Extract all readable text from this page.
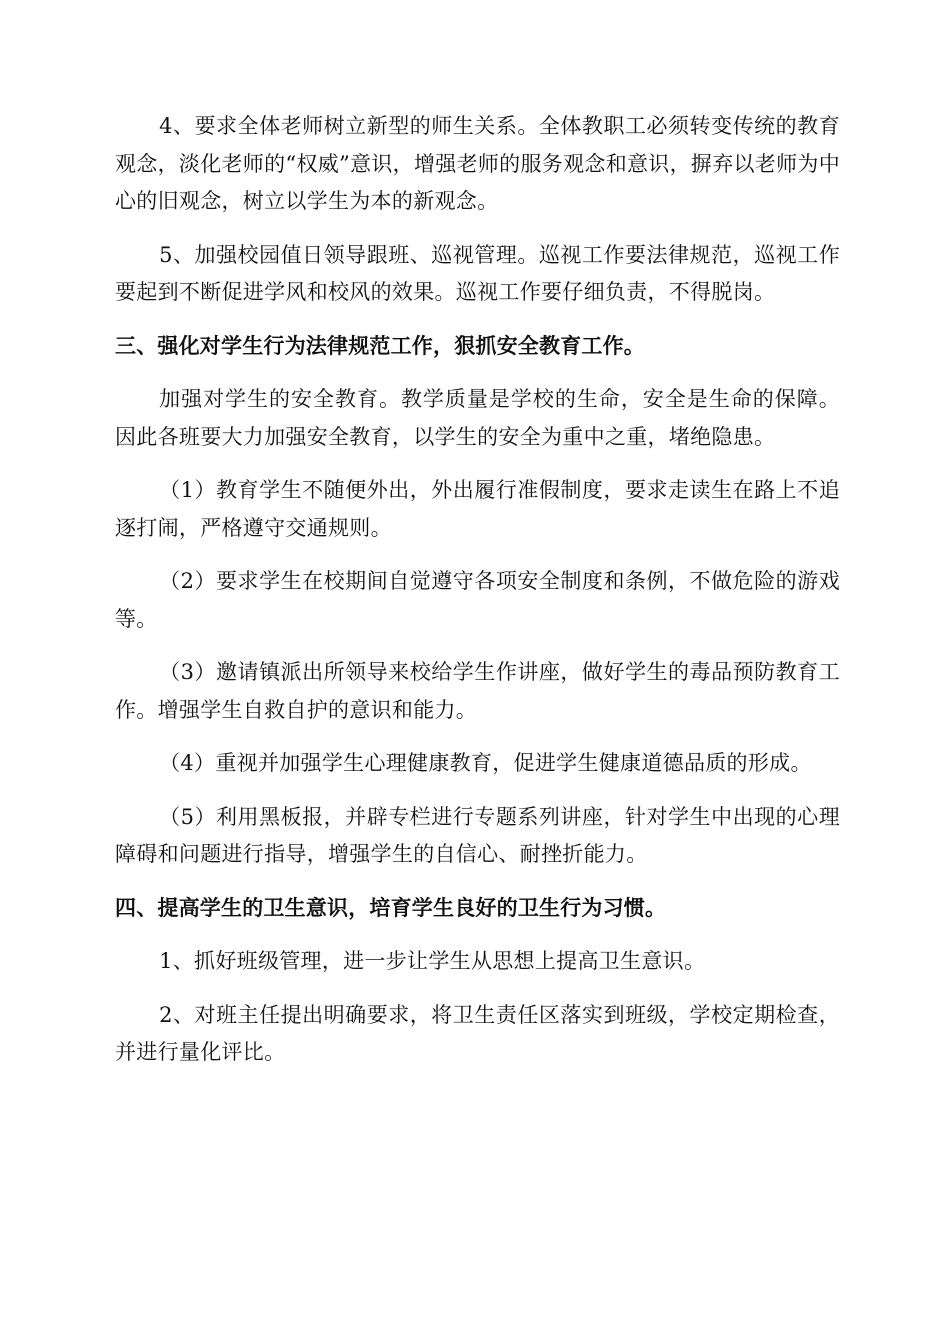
4、要求全体老师树立新型的师生关系。全体教职工必须转变传统的教育观念，淡化老师的“权威”意识，增强老师的服务观念和意识，摒弃以老师为中心的旧观念，树立以学生为本的新观念。

5、加强校园值日领导跟班、巡视管理。巡视工作要法律规范，巡视工作要起到不断促进学风和校风的效果。巡视工作要仔细负责，不得脱岗。

三、强化对学生行为法律规范工作，狠抓安全教育工作。

加强对学生的安全教育。教学质量是学校的生命，安全是生命的保障。因此各班要大力加强安全教育，以学生的安全为重中之重，堵绝隐患。

（1）教育学生不随便外出，外出履行准假制度，要求走读生在路上不追逐打闹，严格遵守交通规则。

（2）要求学生在校期间自觉遵守各项安全制度和条例，不做危险的游戏等。

（3）邀请镇派出所领导来校给学生作讲座，做好学生的毒品预防教育工作。增强学生自救自护的意识和能力。

（4）重视并加强学生心理健康教育，促进学生健康道德品质的形成。

（5）利用黑板报，并辟专栏进行专题系列讲座，针对学生中出现的心理障碍和问题进行指导，增强学生的自信心、耐挫折能力。

四、提高学生的卫生意识，培育学生良好的卫生行为习惯。

1、抓好班级管理，进一步让学生从思想上提高卫生意识。

2、对班主任提出明确要求，将卫生责任区落实到班级，学校定期检查，并进行量化评比。
